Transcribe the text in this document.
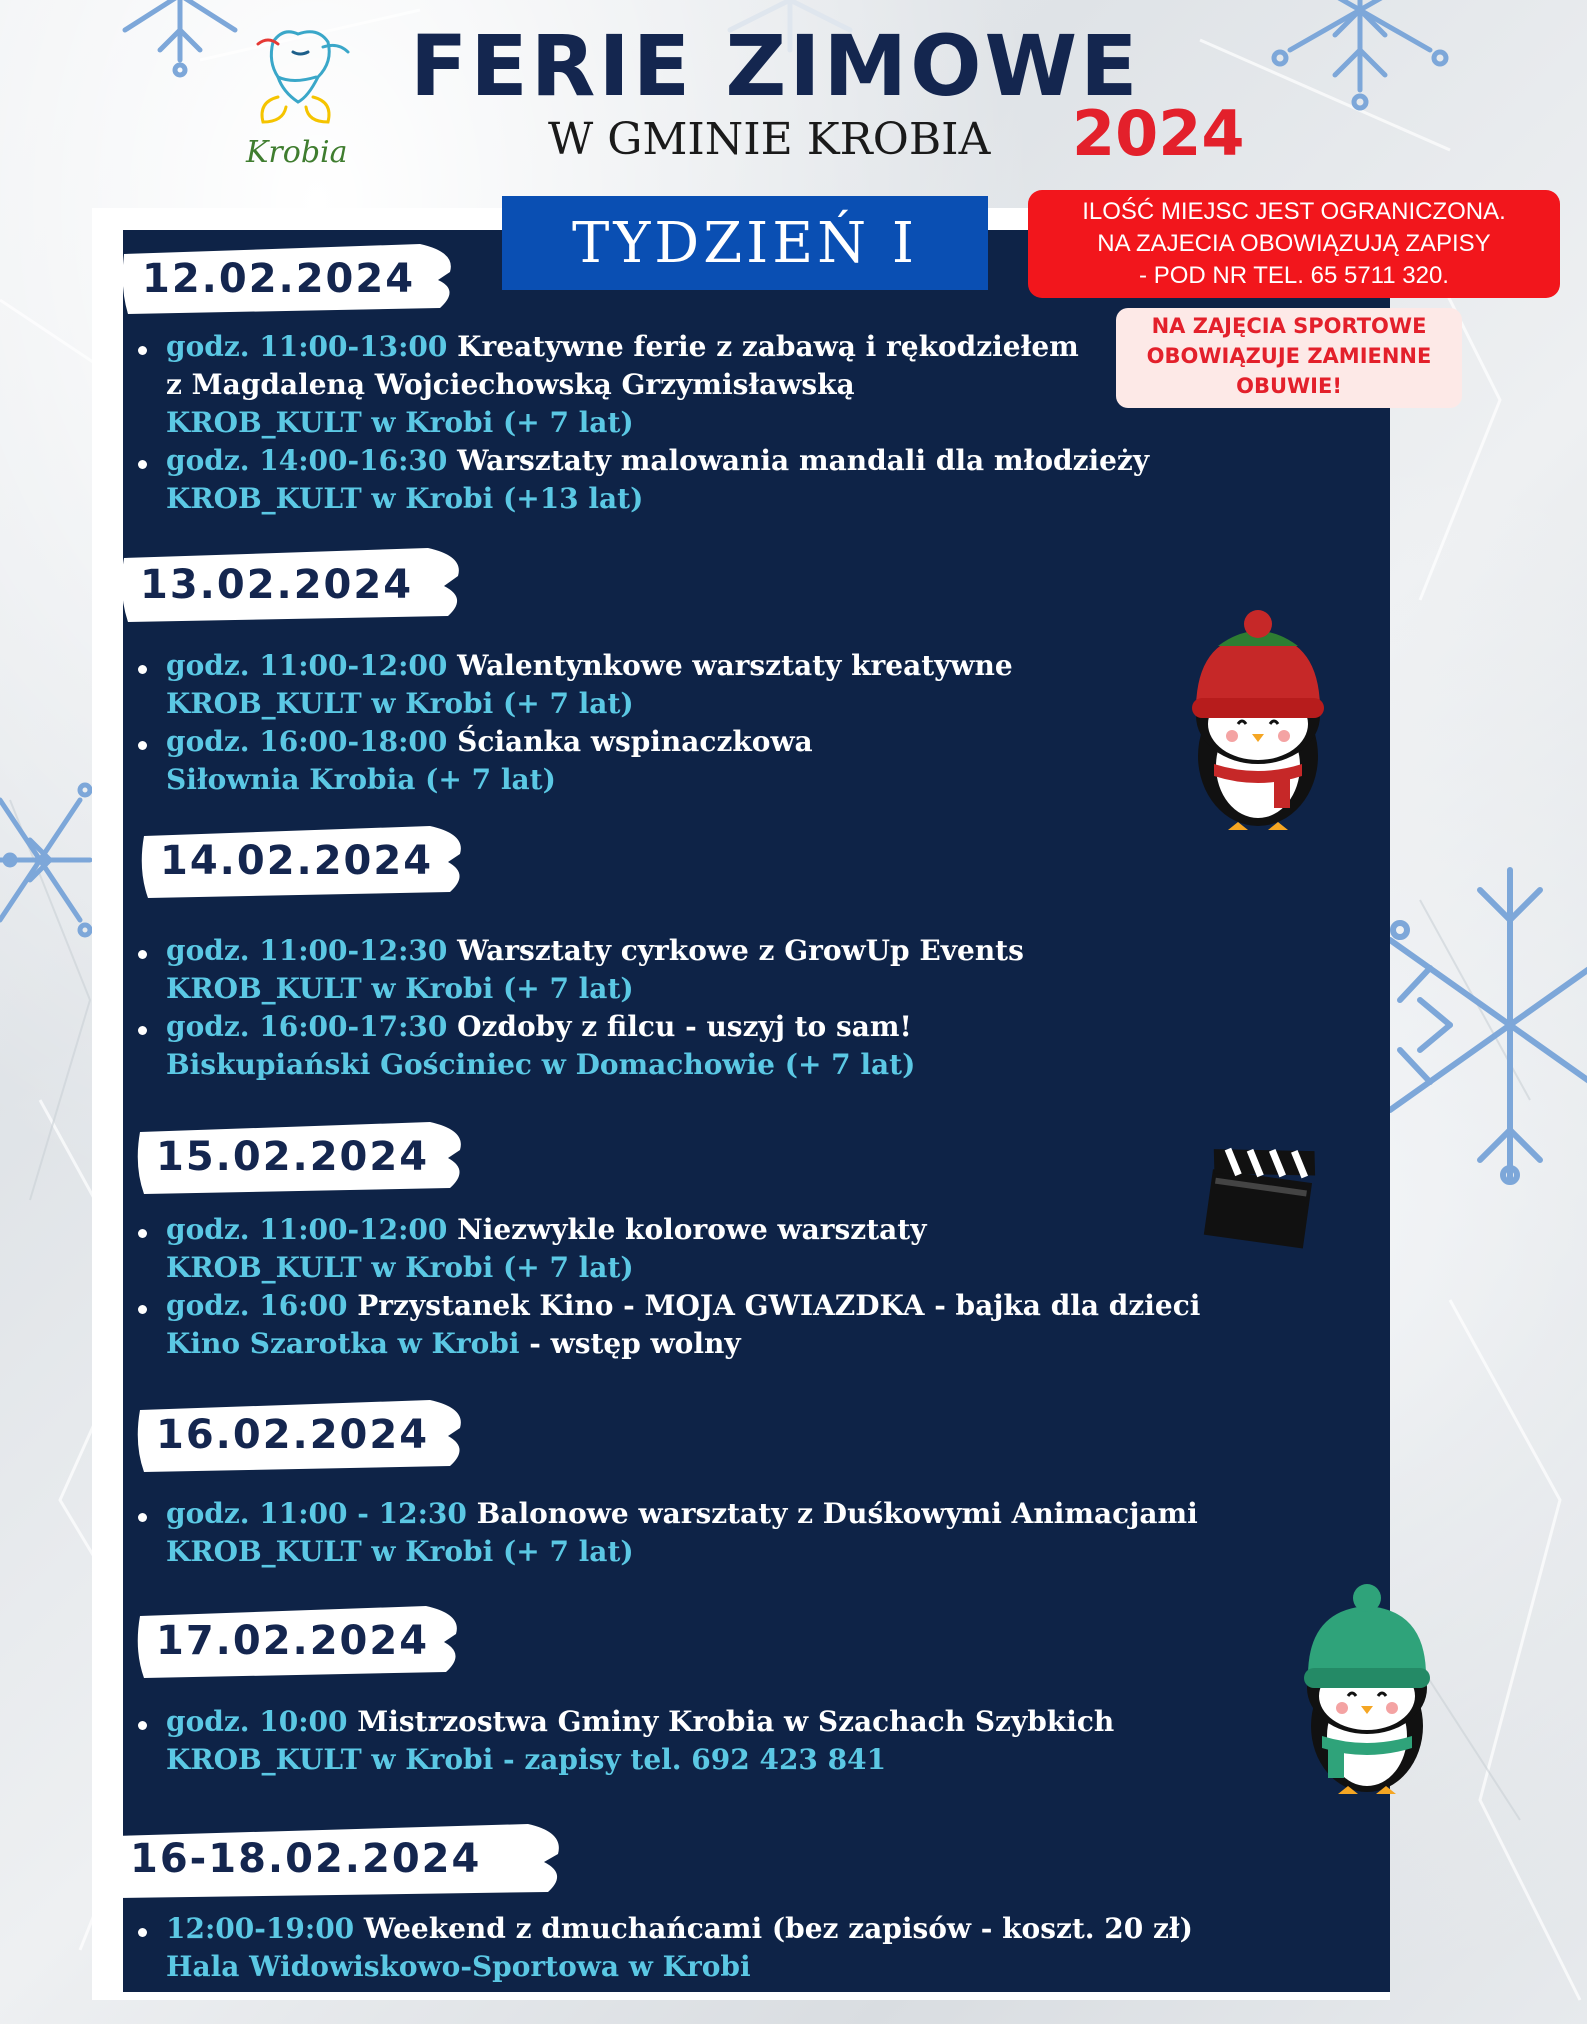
Krobia
FERIE ZIMOWE
W GMINIE KROBIA 2024
TYDZIEŃ I	ILOŚĆ MIEJSC JEST OGRANICZONA.
NA ZAJECIA OBOWIĄZUJĄ ZAPISY
- POD NR TEL. 65 5711 320.
NA ZAJĘCIA SPORTOWE
OBOWIĄZUJE ZAMIENNE
OBUWIE!
12.02.2024
godz. 11:00-13:00 Kreatywne ferie z zabawą i rękodziełem
z Magdaleną Wojciechowską Grzymisławską
KROB_KULT w Krobi (+ 7 lat)
godz. 14:00-16:30 Warsztaty malowania mandali dla młodzieży
KROB_KULT w Krobi (+13 lat)
13.02.2024
godz. 11:00-12:00 Walentynkowe warsztaty kreatywne
KROB_KULT w Krobi (+ 7 lat)
godz. 16:00-18:00 Ścianka wspinaczkowa
Siłownia Krobia (+ 7 lat)
14.02.2024
godz. 11:00-12:30 Warsztaty cyrkowe z GrowUp Events
KROB_KULT w Krobi (+ 7 lat)
godz. 16:00-17:30 Ozdoby z filcu - uszyj to sam!
Biskupiański Gościniec w Domachowie (+ 7 lat)
15.02.2024
godz. 11:00-12:00 Niezwykle kolorowe warsztaty
KROB_KULT w Krobi (+ 7 lat)
godz. 16:00 Przystanek Kino - MOJA GWIAZDKA - bajka dla dzieci
Kino Szarotka w Krobi - wstęp wolny
16.02.2024
godz. 11:00 - 12:30 Balonowe warsztaty z Duśkowymi Animacjami
KROB_KULT w Krobi (+ 7 lat)
17.02.2024
godz. 10:00 Mistrzostwa Gminy Krobia w Szachach Szybkich
KROB_KULT w Krobi - zapisy tel. 692 423 841
16-18.02.2024
12:00-19:00 Weekend z dmuchańcami (bez zapisów - koszt. 20 zł)
Hala Widowiskowo-Sportowa w Krobi
